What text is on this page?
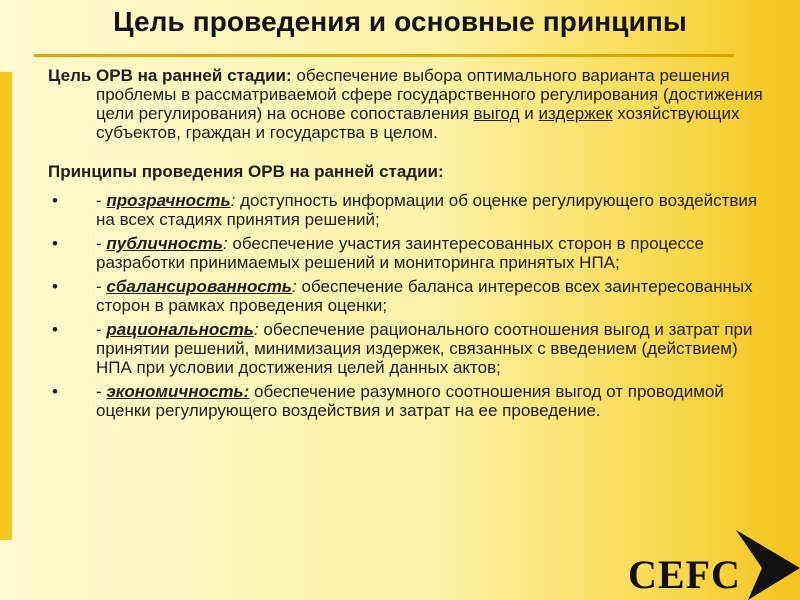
Цель проведения и основные принципы

Цель ОРВ на ранней стадии: обеспечение выбора оптимального варианта решения проблемы в рассматриваемой сфере государственного регулирования (достижения цели регулирования) на основе сопоставления выгод и издержек хозяйствующих субъектов, граждан и государства в целом.

Принципы проведения ОРВ на ранней стадии:
•	- прозрачность: доступность информации об оценке регулирующего воздействия на всех стадиях принятия решений;
•	- публичность: обеспечение участия заинтересованных сторон в процессе разработки принимаемых решений и мониторинга принятых НПА;
•	- сбалансированность: обеспечение баланса интересов всех заинтересованных сторон в рамках проведения оценки;
•	- рациональность: обеспечение рационального соотношения выгод и затрат при принятии решений, минимизация издержек, связанных с введением (действием) НПА при условии достижения целей данных актов;
•	- экономичность: обеспечение разумного соотношения выгод от проводимой оценки регулирующего воздействия и затрат на ее проведение.
CEFC
